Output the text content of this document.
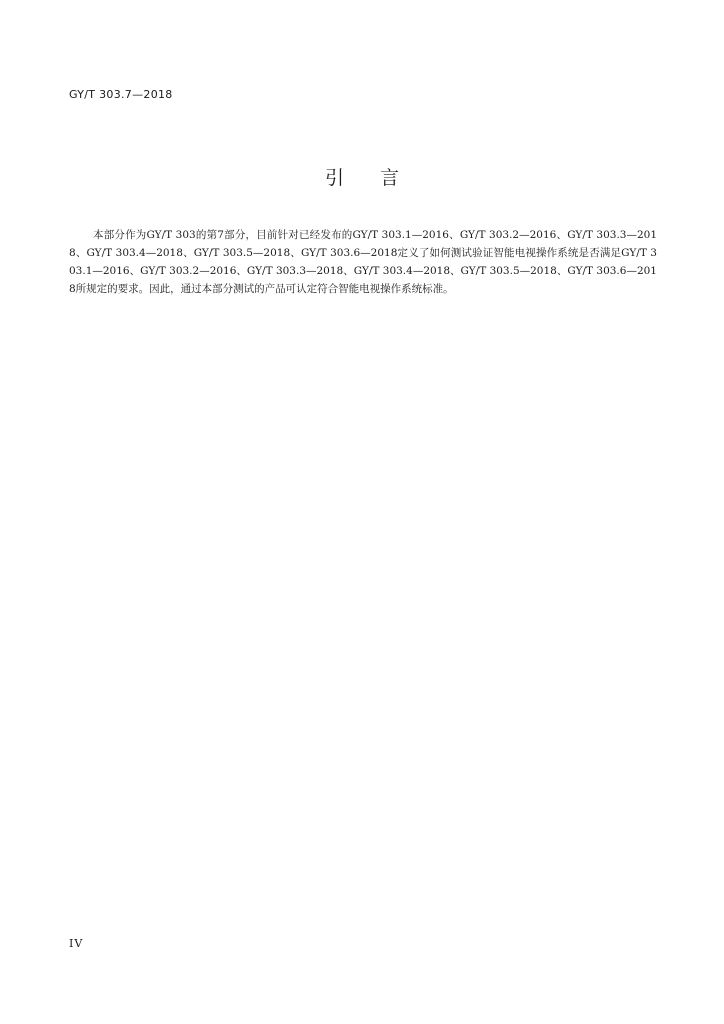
GY/T 303.7—2018
引言

本部分作为GY/T 303的第7部分，目前针对已经发布的GY/T 303.1—2016、GY/T 303.2—2016、GY/T 303.3—2018、GY/T 303.4—2018、GY/T 303.5—2018、GY/T 303.6—2018定义了如何测试验证智能电视操作系统是否满足GY/T 303.1—2016、GY/T 303.2—2016、GY/T 303.3—2018、GY/T 303.4—2018、GY/T 303.5—2018、GY/T 303.6—2018所规定的要求。因此，通过本部分测试的产品可认定符合智能电视操作系统标准。

IV
